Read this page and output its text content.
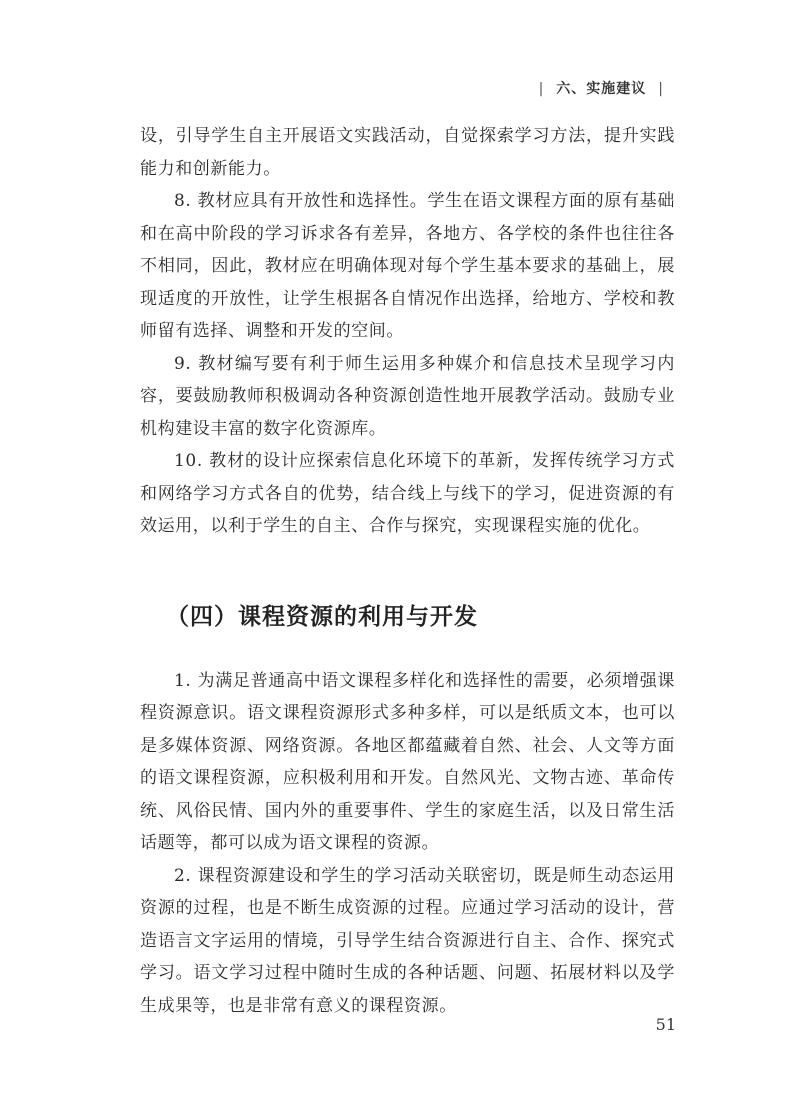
| 六、实施建议 |

设，引导学生自主开展语文实践活动，自觉探索学习方法，提升实践能力和创新能力。

8. 教材应具有开放性和选择性。学生在语文课程方面的原有基础和在高中阶段的学习诉求各有差异，各地方、各学校的条件也往往各不相同，因此，教材应在明确体现对每个学生基本要求的基础上，展现适度的开放性，让学生根据各自情况作出选择，给地方、学校和教师留有选择、调整和开发的空间。

9. 教材编写要有利于师生运用多种媒介和信息技术呈现学习内容，要鼓励教师积极调动各种资源创造性地开展教学活动。鼓励专业机构建设丰富的数字化资源库。

10. 教材的设计应探索信息化环境下的革新，发挥传统学习方式和网络学习方式各自的优势，结合线上与线下的学习，促进资源的有效运用，以利于学生的自主、合作与探究，实现课程实施的优化。

（四）课程资源的利用与开发

1. 为满足普通高中语文课程多样化和选择性的需要，必须增强课程资源意识。语文课程资源形式多种多样，可以是纸质文本，也可以是多媒体资源、网络资源。各地区都蕴藏着自然、社会、人文等方面的语文课程资源，应积极利用和开发。自然风光、文物古迹、革命传统、风俗民情、国内外的重要事件、学生的家庭生活，以及日常生活话题等，都可以成为语文课程的资源。

2. 课程资源建设和学生的学习活动关联密切，既是师生动态运用资源的过程，也是不断生成资源的过程。应通过学习活动的设计，营造语言文字运用的情境，引导学生结合资源进行自主、合作、探究式学习。语文学习过程中随时生成的各种话题、问题、拓展材料以及学生成果等，也是非常有意义的课程资源。

51
